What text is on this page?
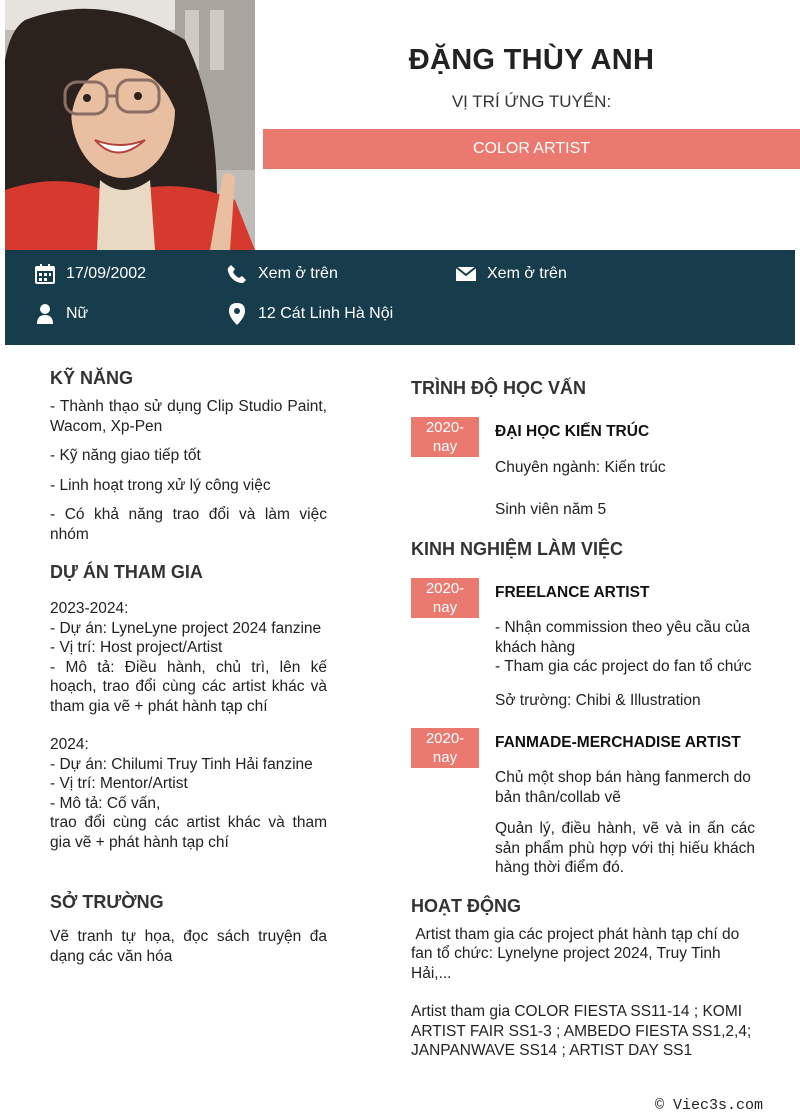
ĐẶNG THÙY ANH
VỊ TRÍ ỨNG TUYỂN:
COLOR ARTIST
17/09/2002	Xem ở trên	Xem ở trên
Nữ	12 Cát Linh Hà Nội
KỸ NĂNG
- Thành thạo sử dụng Clip Studio Paint, Wacom, Xp-Pen
- Kỹ năng giao tiếp tốt
- Linh hoạt trong xử lý công việc
- Có khả năng trao đổi và làm việc nhóm
DỰ ÁN THAM GIA
2023-2024:
- Dự án: LyneLyne project 2024 fanzine
- Vị trí: Host project/Artist
- Mô tả: Điều hành, chủ trì, lên kế hoạch, trao đổi cùng các artist khác và tham gia vẽ + phát hành tạp chí
2024:
- Dự án: Chilumi Truy Tinh Hải fanzine
- Vị trí: Mentor/Artist
- Mô tả: Cố vấn,
trao đổi cùng các artist khác và tham gia vẽ + phát hành tạp chí
SỞ TRƯỜNG
Vẽ tranh tự họa, đọc sách truyện đa dạng các văn hóa
TRÌNH ĐỘ HỌC VẤN
2020-
nay
ĐẠI HỌC KIẾN TRÚC
Chuyên ngành: Kiến trúc
Sinh viên năm 5
KINH NGHIỆM LÀM VIỆC
2020-
nay
FREELANCE ARTIST
- Nhận commission theo yêu cầu của khách hàng
- Tham gia các project do fan tổ chức
Sở trường: Chibi & Illustration
2020-
nay
FANMADE-MERCHADISE ARTIST
Chủ một shop bán hàng fanmerch do bản thân/collab vẽ
Quản lý, điều hành, vẽ và in ấn các sản phẩm phù hợp với thị hiếu khách hàng thời điểm đó.
HOẠT ĐỘNG
Artist tham gia các project phát hành tạp chí do fan tổ chức: Lynelyne project 2024, Truy Tinh Hải,...
Artist tham gia COLOR FIESTA SS11-14 ; KOMI ARTIST FAIR SS1-3 ; AMBEDO FIESTA SS1,2,4; JANPANWAVE SS14 ; ARTIST DAY SS1
© Viec3s.com
